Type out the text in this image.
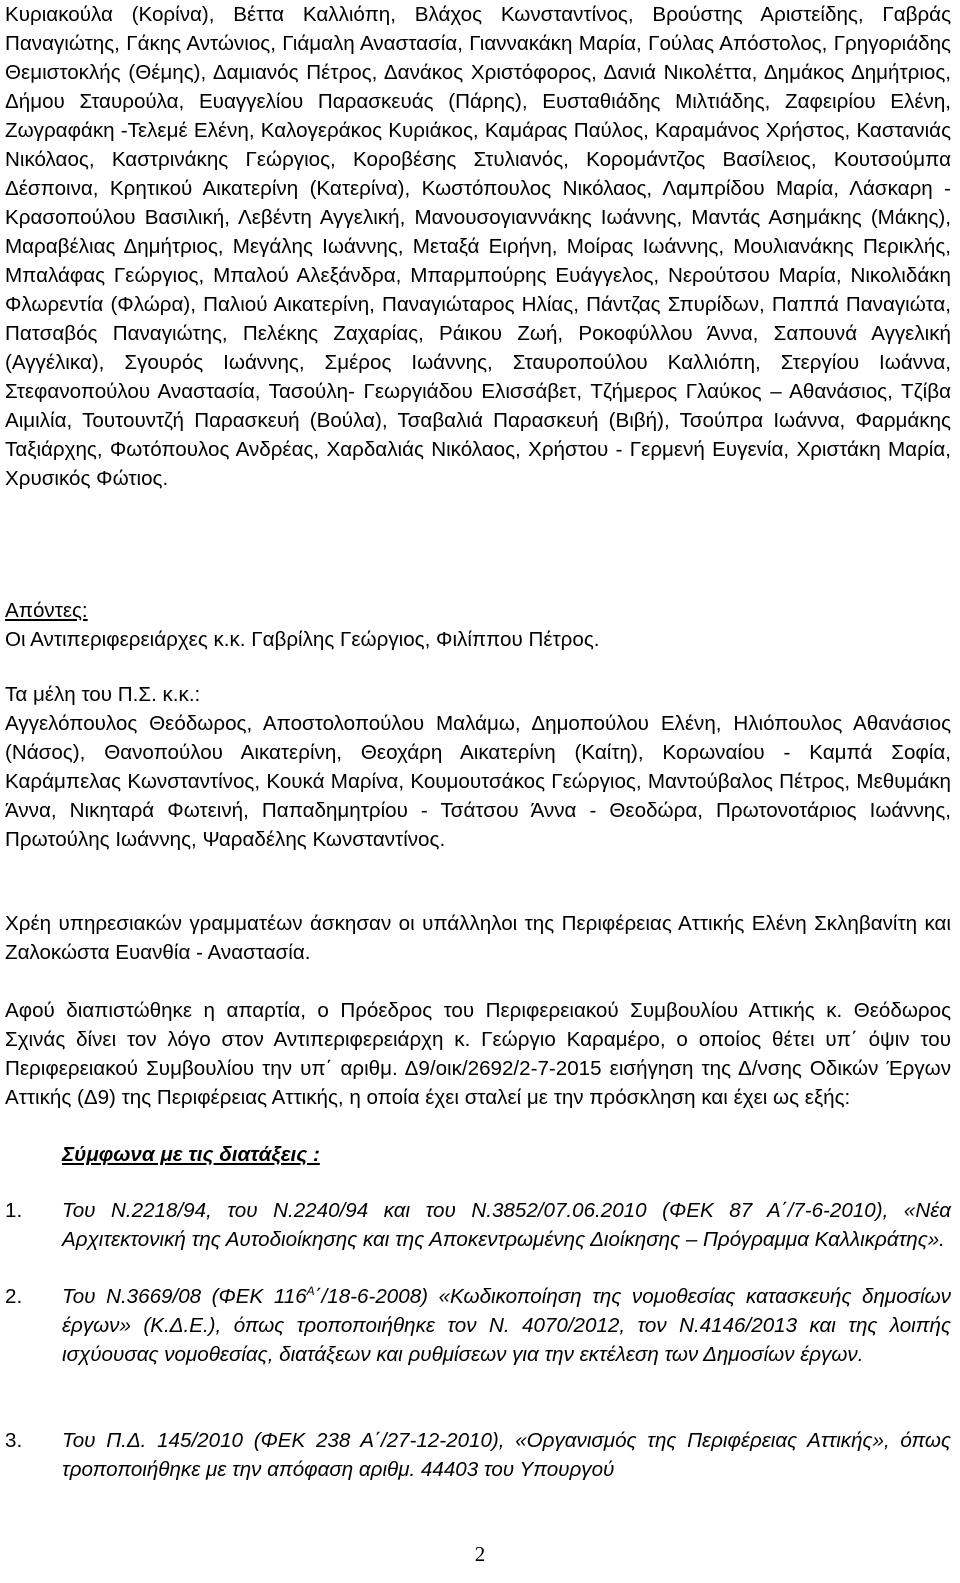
Κυριακούλα (Κορίνα), Βέττα Καλλιόπη, Βλάχος Κωνσταντίνος, Βρούστης Αριστείδης, Γαβράς Παναγιώτης, Γάκης Αντώνιος, Γιάμαλη Αναστασία, Γιαννακάκη Μαρία, Γούλας Απόστολος, Γρηγοριάδης Θεμιστοκλής (Θέμης), Δαμιανός Πέτρος, Δανάκος Χριστόφορος, Δανιά Νικολέττα, Δημάκος Δημήτριος, Δήμου Σταυρούλα, Ευαγγελίου Παρασκευάς (Πάρης), Ευσταθιάδης Μιλτιάδης, Ζαφειρίου Ελένη, Ζωγραφάκη -Τελεμέ Ελένη, Καλογεράκος Κυριάκος, Καμάρας Παύλος, Καραμάνος Χρήστος, Καστανιάς Νικόλαος, Καστρινάκης Γεώργιος, Κοροβέσης Στυλιανός, Κορομάντζος Βασίλειος, Κουτσούμπα Δέσποινα, Κρητικού Αικατερίνη (Κατερίνα), Κωστόπουλος Νικόλαος, Λαμπρίδου Μαρία, Λάσκαρη - Κρασοπούλου Βασιλική, Λεβέντη Αγγελική, Μανουσογιαννάκης Ιωάννης, Μαντάς Ασημάκης (Μάκης), Μαραβέλιας Δημήτριος, Μεγάλης Ιωάννης, Μεταξά Ειρήνη, Μοίρας Ιωάννης, Μουλιανάκης Περικλής, Μπαλάφας Γεώργιος, Μπαλού Αλεξάνδρα, Μπαρμπούρης Ευάγγελος, Νερούτσου Μαρία, Νικολιδάκη Φλωρεντία (Φλώρα), Παλιού Αικατερίνη, Παναγιώταρος Ηλίας, Πάντζας Σπυρίδων, Παππά Παναγιώτα, Πατσαβός Παναγιώτης, Πελέκης Ζαχαρίας, Ράικου Ζωή, Ροκοφύλλου Άννα, Σαπουνά Αγγελική (Αγγέλικα), Σγουρός Ιωάννης, Σμέρος Ιωάννης, Σταυροπούλου Καλλιόπη, Στεργίου Ιωάννα, Στεφανοπούλου Αναστασία, Τασούλη- Γεωργιάδου Ελισσάβετ, Τζήμερος Γλαύκος – Αθανάσιος, Τζίβα Αιμιλία, Τουτουντζή Παρασκευή (Βούλα), Τσαβαλιά Παρασκευή (Βιβή), Τσούπρα Ιωάννα, Φαρμάκης Ταξιάρχης, Φωτόπουλος Ανδρέας, Χαρδαλιάς Νικόλαος, Χρήστου - Γερμενή Ευγενία, Χριστάκη Μαρία, Χρυσικός Φώτιος.

Απόντες:

Οι Αντιπεριφερειάρχες κ.κ. Γαβρίλης Γεώργιος, Φιλίππου Πέτρος.

Τα μέλη του Π.Σ. κ.κ.:

Αγγελόπουλος Θεόδωρος, Αποστολοπούλου Μαλάμω, Δημοπούλου Ελένη, Ηλιόπουλος Αθανάσιος (Νάσος), Θανοπούλου Αικατερίνη, Θεοχάρη Αικατερίνη (Καίτη), Κορωναίου - Καμπά Σοφία, Καράμπελας Κωνσταντίνος, Κουκά Μαρίνα, Κουμουτσάκος Γεώργιος, Μαντούβαλος Πέτρος, Μεθυμάκη Άννα, Νικηταρά Φωτεινή, Παπαδημητρίου - Τσάτσου Άννα - Θεοδώρα, Πρωτονοτάριος Ιωάννης, Πρωτούλης Ιωάννης, Ψαραδέλης Κωνσταντίνος.

Χρέη υπηρεσιακών γραμματέων άσκησαν οι υπάλληλοι της Περιφέρειας Αττικής Ελένη Σκληβανίτη και Ζαλοκώστα Ευανθία - Αναστασία.

Αφού διαπιστώθηκε η απαρτία, ο Πρόεδρος του Περιφερειακού Συμβουλίου Αττικής κ. Θεόδωρος Σχινάς δίνει τον λόγο στον Αντιπεριφερειάρχη κ. Γεώργιο Καραμέρο, ο οποίος θέτει υπ΄ όψιν του Περιφερειακού Συμβουλίου την υπ΄ αριθμ. Δ9/οικ/2692/2-7-2015 εισήγηση της Δ/νσης Οδικών Έργων Αττικής (Δ9) της Περιφέρειας Αττικής, η οποία έχει σταλεί με την πρόσκληση και έχει ως εξής:

Σύμφωνα με τις διατάξεις :

1. Του Ν.2218/94, του Ν.2240/94 και του Ν.3852/07.06.2010 (ΦΕΚ 87 Α΄/7-6-2010), «Νέα Αρχιτεκτονική της Αυτοδιοίκησης και της Αποκεντρωμένης Διοίκησης – Πρόγραμμα Καλλικράτης».
2. Του Ν.3669/08 (ΦΕΚ $116^A΄/18-6-2008$) «Κωδικοποίηση της νομοθεσίας κατασκευής δημοσίων έργων» (Κ.Δ.Ε.), όπως τροποποιήθηκε τον Ν. 4070/2012, τον Ν.4146/2013 και της λοιπής ισχύουσας νομοθεσίας, διατάξεων και ρυθμίσεων για την εκτέλεση των Δημοσίων έργων.
3. Του Π.Δ. 145/2010 (ΦΕΚ 238 Α΄/27-12-2010), «Οργανισμός της Περιφέρειας Αττικής», όπως τροποποιήθηκε με την απόφαση αριθμ. 44403 του Υπουργού
2
